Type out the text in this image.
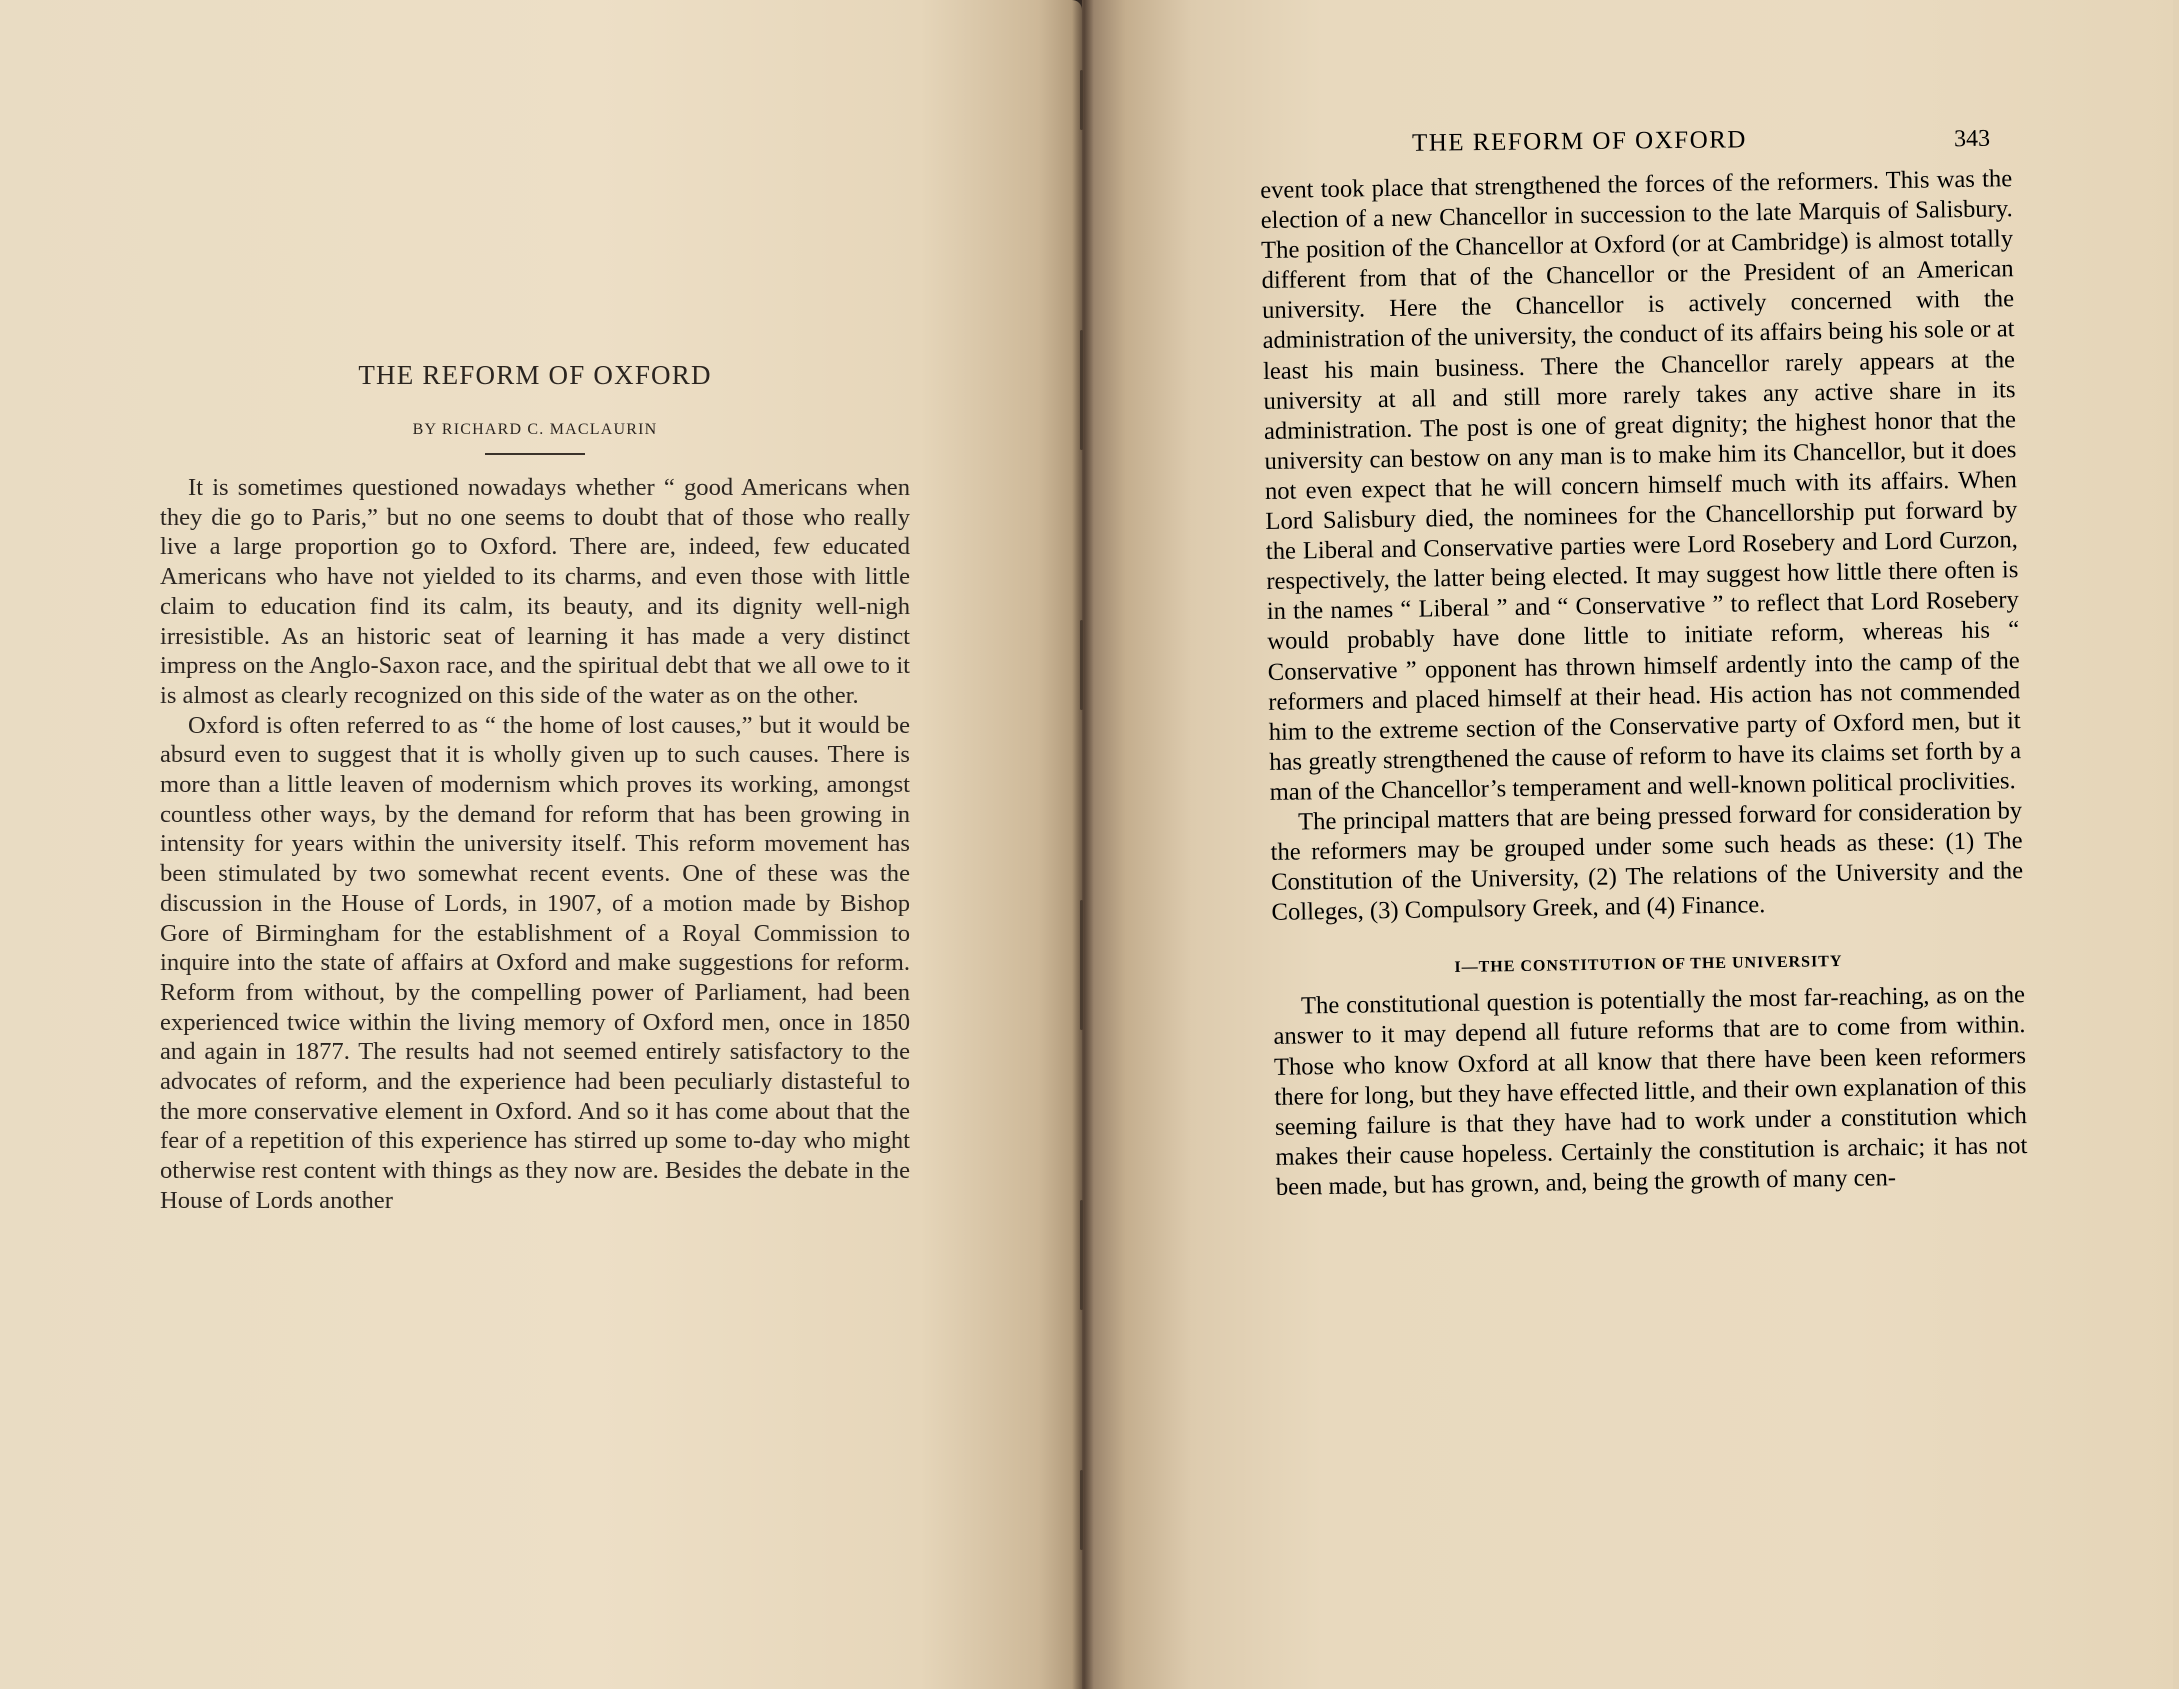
THE REFORM OF OXFORD
BY RICHARD C. MACLAURIN

It is sometimes questioned nowadays whether “ good Americans when they die go to Paris,” but no one seems to doubt that of those who really live a large proportion go to Oxford. There are, indeed, few educated Americans who have not yielded to its charms, and even those with little claim to education find its calm, its beauty, and its dignity well-nigh irresistible. As an historic seat of learning it has made a very distinct impress on the Anglo-Saxon race, and the spiritual debt that we all owe to it is almost as clearly recognized on this side of the water as on the other.

Oxford is often referred to as “ the home of lost causes,” but it would be absurd even to suggest that it is wholly given up to such causes. There is more than a little leaven of modernism which proves its working, amongst countless other ways, by the demand for reform that has been growing in intensity for years within the university itself. This reform movement has been stimulated by two somewhat recent events. One of these was the discussion in the House of Lords, in 1907, of a motion made by Bishop Gore of Birmingham for the establishment of a Royal Commission to inquire into the state of affairs at Oxford and make suggestions for reform. Reform from without, by the compelling power of Parliament, had been experienced twice within the living memory of Oxford men, once in 1850 and again in 1877. The results had not seemed entirely satisfactory to the advocates of reform, and the experience had been peculiarly distasteful to the more conservative element in Oxford. And so it has come about that the fear of a repetition of this experience has stirred up some to-day who might otherwise rest content with things as they now are. Besides the debate in the House of Lords another

THE REFORM OF OXFORD	343

event took place that strengthened the forces of the reformers. This was the election of a new Chancellor in succession to the late Marquis of Salisbury. The position of the Chancellor at Oxford (or at Cambridge) is almost totally different from that of the Chancellor or the President of an American university. Here the Chancellor is actively concerned with the administration of the university, the conduct of its affairs being his sole or at least his main business. There the Chancellor rarely appears at the university at all and still more rarely takes any active share in its administration. The post is one of great dignity; the highest honor that the university can bestow on any man is to make him its Chancellor, but it does not even expect that he will concern himself much with its affairs. When Lord Salisbury died, the nominees for the Chancellorship put forward by the Liberal and Conservative parties were Lord Rosebery and Lord Curzon, respectively, the latter being elected. It may suggest how little there often is in the names “ Liberal ” and “ Conservative ” to reflect that Lord Rosebery would probably have done little to initiate reform, whereas his “ Conservative ” opponent has thrown himself ardently into the camp of the reformers and placed himself at their head. His action has not commended him to the extreme section of the Conservative party of Oxford men, but it has greatly strengthened the cause of reform to have its claims set forth by a man of the Chancellor’s temperament and well-known political proclivities.

The principal matters that are being pressed forward for consideration by the reformers may be grouped under some such heads as these: (1) The Constitution of the University, (2) The relations of the University and the Colleges, (3) Compulsory Greek, and (4) Finance.

I—THE CONSTITUTION OF THE UNIVERSITY

The constitutional question is potentially the most far-reaching, as on the answer to it may depend all future reforms that are to come from within. Those who know Oxford at all know that there have been keen reformers there for long, but they have effected little, and their own explanation of this seeming failure is that they have had to work under a constitution which makes their cause hopeless. Certainly the constitution is archaic; it has not been made, but has grown, and, being the growth of many cen-
